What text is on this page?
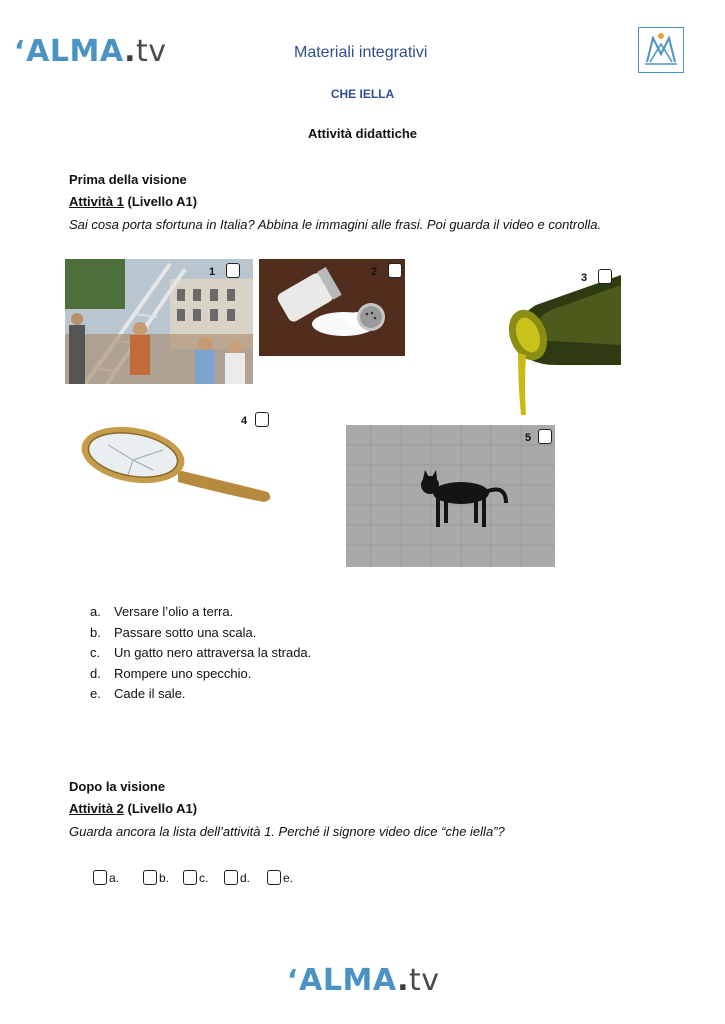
‘ALMA.tv	Materiali integrativi
CHE IELLA
Attività didattiche
Prima della visione
Attività 1 (Livello A1)
Sai cosa porta sfortuna in Italia? Abbina le immagini alle frasi. Poi guarda il video e controlla.
1	2	3
4
5
a. Versare l’olio a terra.
b. Passare sotto una scala.
c. Un gatto nero attraversa la strada.
d. Rompere uno specchio.
e. Cade il sale.
Dopo la visione
Attività 2 (Livello A1)
Guarda ancora la lista dell’attività 1. Perché il signore video dice “che iella”?
a.	b. c.	d.	e.
‘ALMA.tv
